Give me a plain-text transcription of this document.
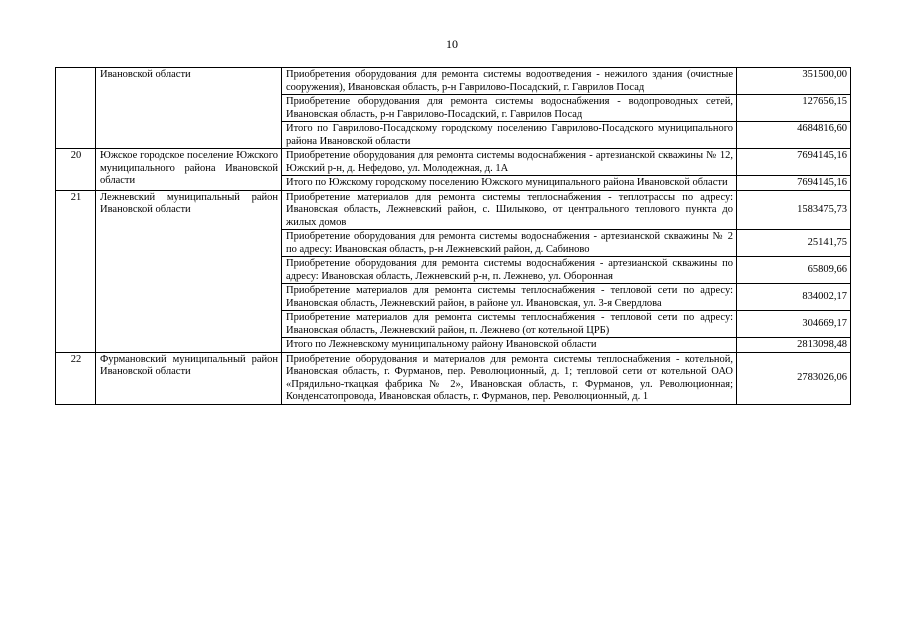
10
	Ивановской области	Приобретения оборудования для ремонта системы водоотведения - нежилого здания (очистные сооружения), Ивановская область, р-н Гаврилово-Посадский, г. Гаврилов Посад	351500,00
		Приобретение оборудования для ремонта системы водоснабжения - водопроводных сетей, Ивановская область, р-н Гаврилово-Посадский, г. Гаврилов Посад	127656,15
		Итого по Гаврилово-Посадскому городскому поселению Гаврилово-Посадского муниципального района Ивановской области	4684816,60
20	Южское городское поселение Южского муниципального района Ивановской области	Приобретение оборудования для ремонта системы водоснабжения - артезианской скважины № 12, Южский р-н, д. Нефедово, ул. Молодежная, д. 1А	7694145,16
		Итого по Южскому городскому поселению Южского муниципального района Ивановской области	7694145,16
21	Лежневский муниципальный район Ивановской области	Приобретение материалов для ремонта системы теплоснабжения - теплотрассы по адресу: Ивановская область, Лежневский район, с. Шилыково, от центрального теплового пункта до жилых домов	1583475,73
		Приобретение оборудования для ремонта системы водоснабжения - артезианской скважины № 2 по адресу: Ивановская область, р-н Лежневский район, д. Сабиново	25141,75
		Приобретение оборудования для ремонта системы водоснабжения - артезианской скважины по адресу: Ивановская область, Лежневский р-н, п. Лежнево, ул. Оборонная	65809,66
		Приобретение материалов для ремонта системы теплоснабжения - тепловой сети по адресу: Ивановская область, Лежневский район, в районе ул. Ивановская, ул. 3-я Свердлова	834002,17
		Приобретение материалов для ремонта системы теплоснабжения - тепловой сети по адресу: Ивановская область, Лежневский район, п. Лежнево (от котельной ЦРБ)	304669,17
		Итого по Лежневскому муниципальному району Ивановской области	2813098,48
22	Фурмановский муниципальный район Ивановской области	Приобретение оборудования и материалов для ремонта системы теплоснабжения - котельной, Ивановская область, г. Фурманов, пер. Революционный, д. 1; тепловой сети от котельной ОАО «Прядильно-ткацкая фабрика № 2», Ивановская область, г. Фурманов, ул. Революционная; Конденсатопровода, Ивановская область, г. Фурманов, пер. Революционный, д. 1	2783026,06
